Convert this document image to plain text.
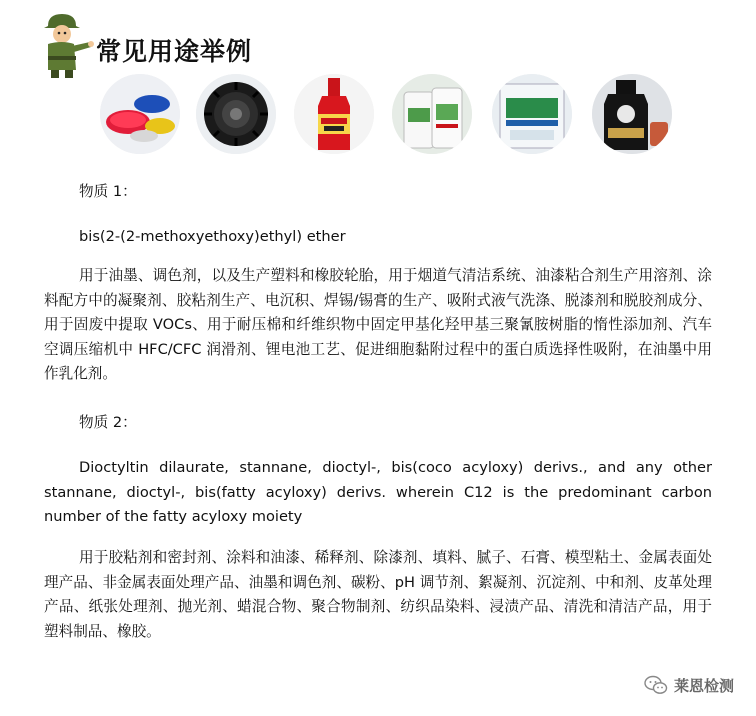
常见用途举例
物质 1：
bis(2-(2-methoxyethoxy)ethyl) ether
用于油墨、调色剂，以及生产塑料和橡胶轮胎，用于烟道气清洁系统、油漆粘合剂生产用溶剂、涂料配方中的凝聚剂、胶粘剂生产、电沉积、焊锡/锡膏的生产、吸附式液气洗涤、脱漆剂和脱胶剂成分、用于固废中提取 VOCs、用于耐压棉和纤维织物中固定甲基化羟甲基三聚氰胺树脂的惰性添加剂、汽车空调压缩机中 HFC/CFC 润滑剂、锂电池工艺、促进细胞黏附过程中的蛋白质选择性吸附，在油墨中用作乳化剂。
物质 2：
Dioctyltin dilaurate, stannane, dioctyl-, bis(coco acyloxy) derivs., and any other stannane, dioctyl-, bis(fatty acyloxy) derivs. wherein C12 is the predominant carbon number of the fatty acyloxy moiety
用于胶粘剂和密封剂、涂料和油漆、稀释剂、除漆剂、填料、腻子、石膏、模型粘土、金属表面处理产品、非金属表面处理产品、油墨和调色剂、碳粉、pH 调节剂、絮凝剂、沉淀剂、中和剂、皮革处理产品、纸张处理剂、抛光剂、蜡混合物、聚合物制剂、纺织品染料、浸渍产品、清洗和清洁产品，用于塑料制品、橡胶。
莱恩检测
